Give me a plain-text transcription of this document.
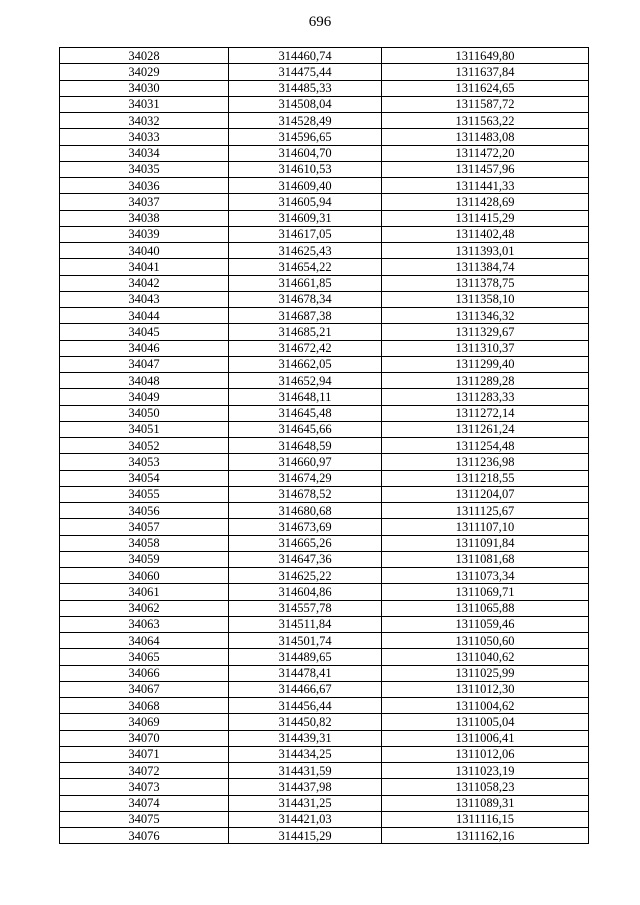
696
34028	314460,74	1311649,80
34029	314475,44	1311637,84
34030	314485,33	1311624,65
34031	314508,04	1311587,72
34032	314528,49	1311563,22
34033	314596,65	1311483,08
34034	314604,70	1311472,20
34035	314610,53	1311457,96
34036	314609,40	1311441,33
34037	314605,94	1311428,69
34038	314609,31	1311415,29
34039	314617,05	1311402,48
34040	314625,43	1311393,01
34041	314654,22	1311384,74
34042	314661,85	1311378,75
34043	314678,34	1311358,10
34044	314687,38	1311346,32
34045	314685,21	1311329,67
34046	314672,42	1311310,37
34047	314662,05	1311299,40
34048	314652,94	1311289,28
34049	314648,11	1311283,33
34050	314645,48	1311272,14
34051	314645,66	1311261,24
34052	314648,59	1311254,48
34053	314660,97	1311236,98
34054	314674,29	1311218,55
34055	314678,52	1311204,07
34056	314680,68	1311125,67
34057	314673,69	1311107,10
34058	314665,26	1311091,84
34059	314647,36	1311081,68
34060	314625,22	1311073,34
34061	314604,86	1311069,71
34062	314557,78	1311065,88
34063	314511,84	1311059,46
34064	314501,74	1311050,60
34065	314489,65	1311040,62
34066	314478,41	1311025,99
34067	314466,67	1311012,30
34068	314456,44	1311004,62
34069	314450,82	1311005,04
34070	314439,31	1311006,41
34071	314434,25	1311012,06
34072	314431,59	1311023,19
34073	314437,98	1311058,23
34074	314431,25	1311089,31
34075	314421,03	1311116,15
34076	314415,29	1311162,16
